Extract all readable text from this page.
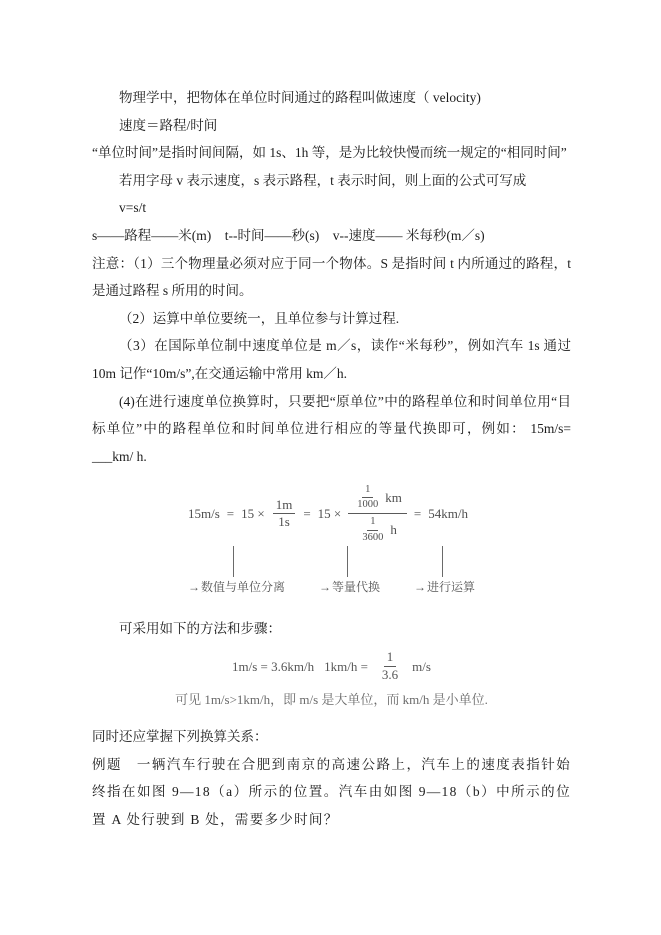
物理学中，把物体在单位时间通过的路程叫做速度（ velocity)

速度＝路程/时间

“单位时间”是指时间间隔，如 1s、1h 等，是为比较快慢而统一规定的“相同时间”

若用字母 v 表示速度，s 表示路程，t 表示时间，则上面的公式可写成

v=s/t

s——路程——米(m)　t--时间——秒(s)　v--速度—— 米每秒(m／s)

注意：（1）三个物理量必须对应于同一个物体。S 是指时间 t 内所通过的路程，t 是通过路程 s 所用的时间。

（2）运算中单位要统一，且单位参与计算过程.

（3）在国际单位制中速度单位是 m／s，读作“米每秒”，例如汽车 1s 通过 10m 记作“10m/s”,在交通运输中常用 km／h.

(4)在进行速度单位换算时，只要把“原单位”中的路程单位和时间单位用“目标单位”中的路程单位和时间单位进行相应的等量代换即可，例如： 15m/s= ___km/ h.

$15m/s = 15 \times \frac{1m}{1s} = 15 \times \frac{\frac{1}{1000} km}{\frac{1}{3600} h} = 54km/h$
→数值与单位分离	→等量代换	→进行运算

可采用如下的方法和步骤：

1m/s = 3.6km/h $1km/h = \frac{1}{3.6} m/s$
可见 1m/s>1km/h，即 m/s 是大单位，而 km/h 是小单位.

同时还应掌握下列换算关系：

例题　一辆汽车行驶在合肥到南京的高速公路上，汽车上的速度表指针始终指在如图 9—18（a）所示的位置。汽车由如图 9—18（b）中所示的位置 A 处行驶到 B 处，需要多少时间？
